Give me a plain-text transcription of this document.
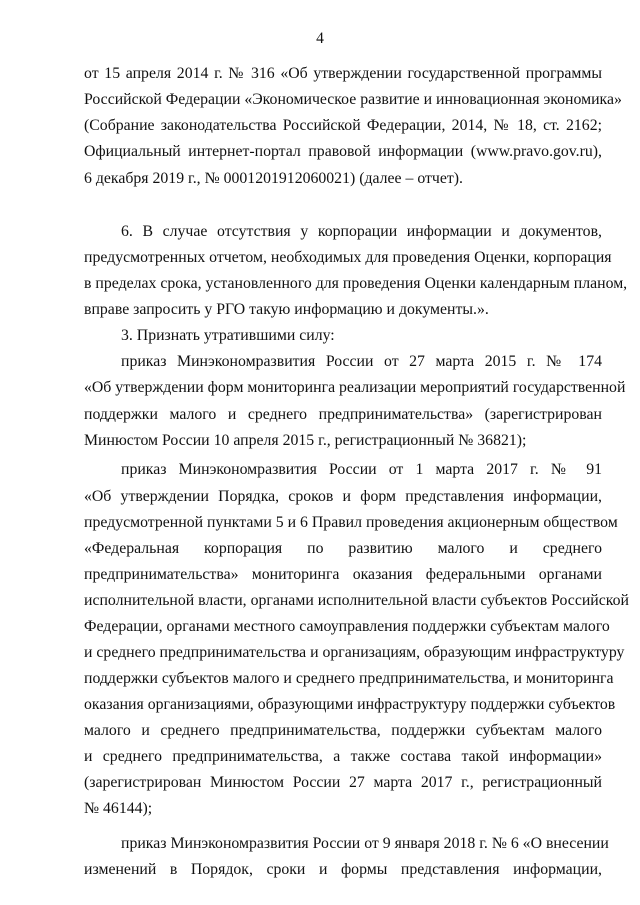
4
от 15 апреля 2014 г. № 316 «Об утверждении государственной программы
Российской Федерации «Экономическое развитие и инновационная экономика»
(Собрание законодательства Российской Федерации, 2014, № 18, ст. 2162;
Официальный интернет-портал правовой информации (www.pravo.gov.ru),
6 декабря 2019 г., № 0001201912060021) (далее – отчет).
6. В случае отсутствия у корпорации информации и документов,
предусмотренных отчетом, необходимых для проведения Оценки, корпорация
в пределах срока, установленного для проведения Оценки календарным планом,
вправе запросить у РГО такую информацию и документы.».
3. Признать утратившими силу:
приказ Минэкономразвития России от 27 марта 2015 г. № 174
«Об утверждении форм мониторинга реализации мероприятий государственной
поддержки малого и среднего предпринимательства» (зарегистрирован
Минюстом России 10 апреля 2015 г., регистрационный № 36821);
приказ Минэкономразвития России от 1 марта 2017 г. № 91
«Об утверждении Порядка, сроков и форм представления информации,
предусмотренной пунктами 5 и 6 Правил проведения акционерным обществом
«Федеральная корпорация по развитию малого и среднего
предпринимательства» мониторинга оказания федеральными органами
исполнительной власти, органами исполнительной власти субъектов Российской
Федерации, органами местного самоуправления поддержки субъектам малого
и среднего предпринимательства и организациям, образующим инфраструктуру
поддержки субъектов малого и среднего предпринимательства, и мониторинга
оказания организациями, образующими инфраструктуру поддержки субъектов
малого и среднего предпринимательства, поддержки субъектам малого
и среднего предпринимательства, а также состава такой информации»
(зарегистрирован Минюстом России 27 марта 2017 г., регистрационный
№ 46144);
приказ Минэкономразвития России от 9 января 2018 г. № 6 «О внесении
изменений в Порядок, сроки и формы представления информации,
